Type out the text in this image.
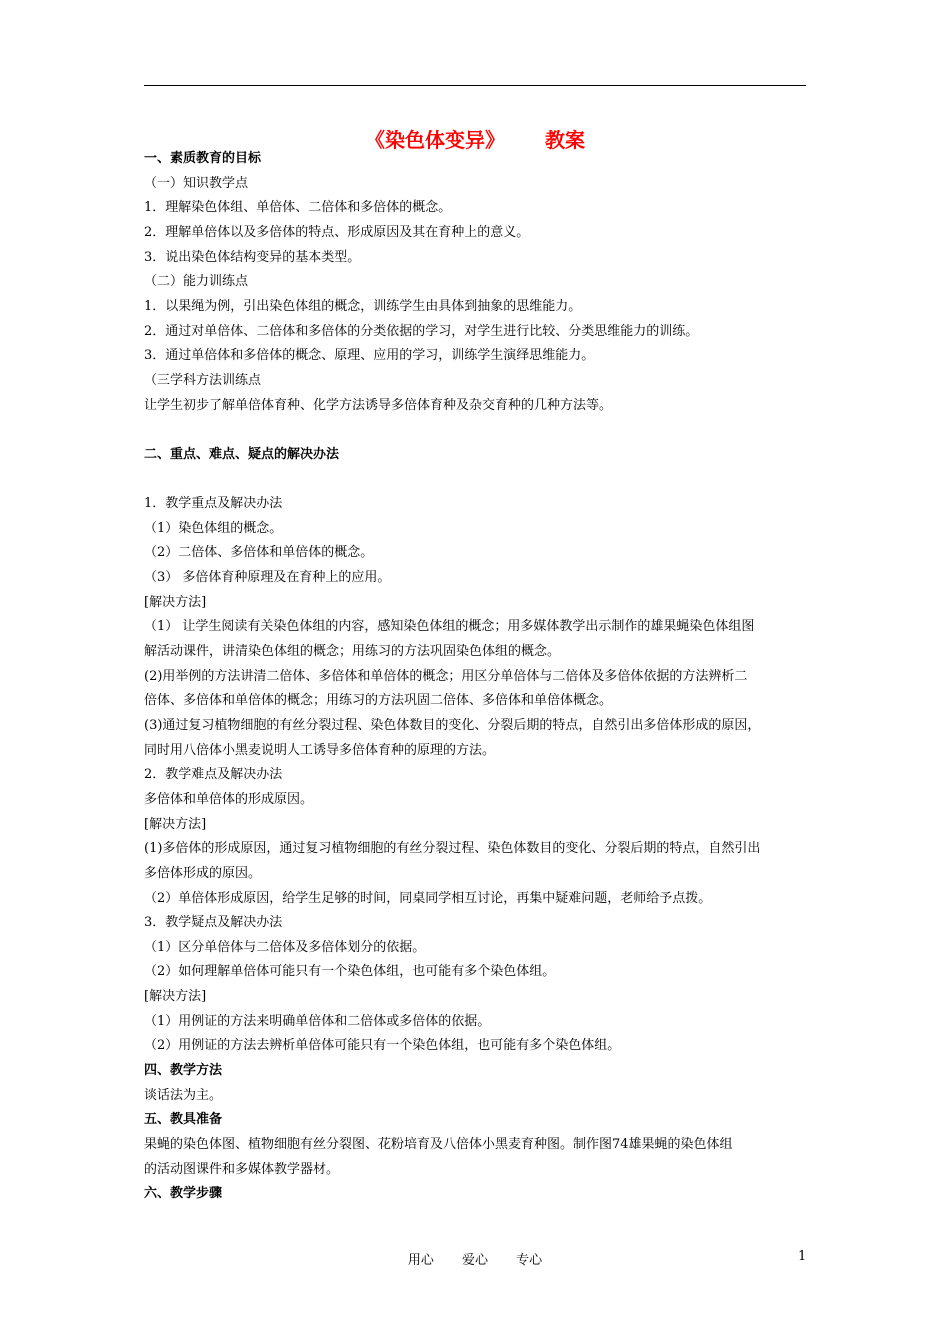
《染色体变异》 教案
一、素质教育的目标
（一）知识教学点
1．理解染色体组、单倍体、二倍体和多倍体的概念。
2．理解单倍体以及多倍体的特点、形成原因及其在育种上的意义。
3．说出染色体结构变异的基本类型。
（二）能力训练点
1．以果绳为例，引出染色体组的概念，训练学生由具体到抽象的思维能力。
2．通过对单倍体、二倍体和多倍体的分类依据的学习，对学生进行比较、分类思维能力的训练。
3．通过单倍体和多倍体的概念、原理、应用的学习，训练学生演绎思维能力。
（三学科方法训练点
让学生初步了解单倍体育种、化学方法诱导多倍体育种及杂交育种的几种方法等。
二、重点、难点、疑点的解决办法
1．教学重点及解决办法
（1）染色体组的概念。
（2）二倍体、多倍体和单倍体的概念。
（3） 多倍体育种原理及在育种上的应用。
[解决方法]
（1） 让学生阅读有关染色体组的内容，感知染色体组的概念；用多媒体教学出示制作的雄果蝇染色体组图
解活动课件，讲清染色体组的概念；用练习的方法巩固染色体组的概念。
(2)用举例的方法讲清二倍体、多倍体和单倍体的概念；用区分单倍体与二倍体及多倍体依据的方法辨析二
倍体、多倍体和单倍体的概念；用练习的方法巩固二倍体、多倍体和单倍体概念。
(3)通过复习植物细胞的有丝分裂过程、染色体数目的变化、分裂后期的特点，自然引出多倍体形成的原因，
同时用八倍体小黑麦说明人工诱导多倍体育种的原理的方法。
2．教学难点及解决办法
多倍体和单倍体的形成原因。
[解决方法]
(1)多倍体的形成原因，通过复习植物细胞的有丝分裂过程、染色体数目的变化、分裂后期的特点，自然引出
多倍体形成的原因。
（2）单倍体形成原因，给学生足够的时间，同桌同学相互讨论，再集中疑难问题，老师给予点拨。
3．教学疑点及解决办法
（1）区分单倍体与二倍体及多倍体划分的依据。
（2）如何理解单倍体可能只有一个染色体组，也可能有多个染色体组。
[解决方法]
（1）用例证的方法来明确单倍体和二倍体或多倍体的依据。
（2）用例证的方法去辨析单倍体可能只有一个染色体组，也可能有多个染色体组。
四、教学方法
谈话法为主。
五、教具准备
果蝇的染色体图、植物细胞有丝分裂图、花粉培育及八倍体小黑麦育种图。制作图74雄果蝇的染色体组
的活动图课件和多媒体教学器材。
六、教学步骤
用心 爱心 专心	1
